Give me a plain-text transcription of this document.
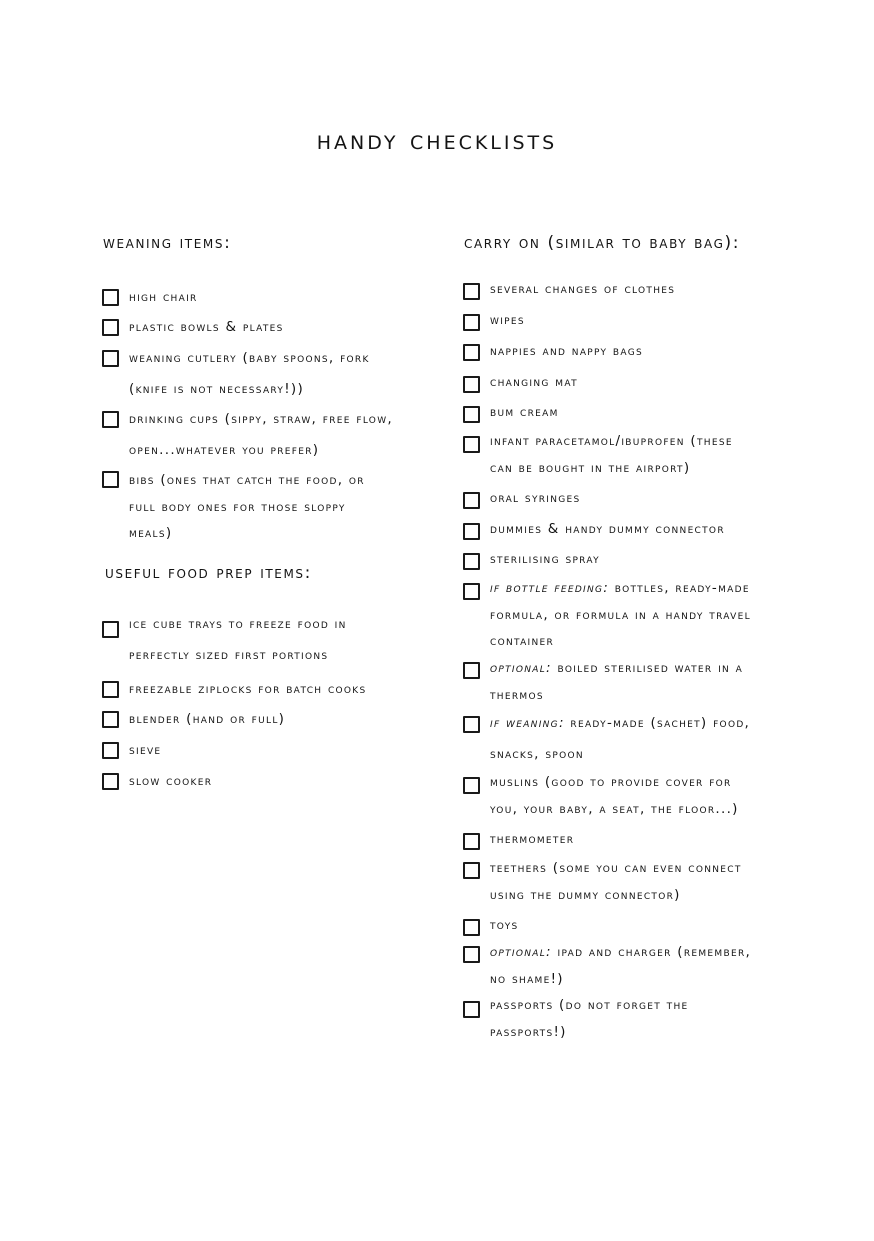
handy checklists
weaning items:

high chair

plastic bowls & plates

weaning cutlery (baby spoons, fork
(knife is not necessary!))

drinking cups (sippy, straw, free flow,
open...whatever you prefer)

bibs (ones that catch the food, or
full body ones for those sloppy
meals)

useful food prep items:

ice cube trays to freeze food in
perfectly sized first portions

freezable ziplocks for batch cooks

blender (hand or full)

sieve

slow cooker

carry on (similar to baby bag):

several changes of clothes

wipes

nappies and nappy bags

changing mat

bum cream

infant paracetamol/ibuprofen (these
can be bought in the airport)

oral syringes

dummies & handy dummy connector

sterilising spray

if bottle feeding: bottles, ready-made
formula, or formula in a handy travel
container

optional: boiled sterilised water in a
thermos

if weaning: ready-made (sachet) food,
snacks, spoon

muslins (good to provide cover for
you, your baby, a seat, the floor...)

thermometer

teethers (some you can even connect
using the dummy connector)

toys

optional: ipad and charger (remember,
no shame!)

passports (do not forget the
passports!)
